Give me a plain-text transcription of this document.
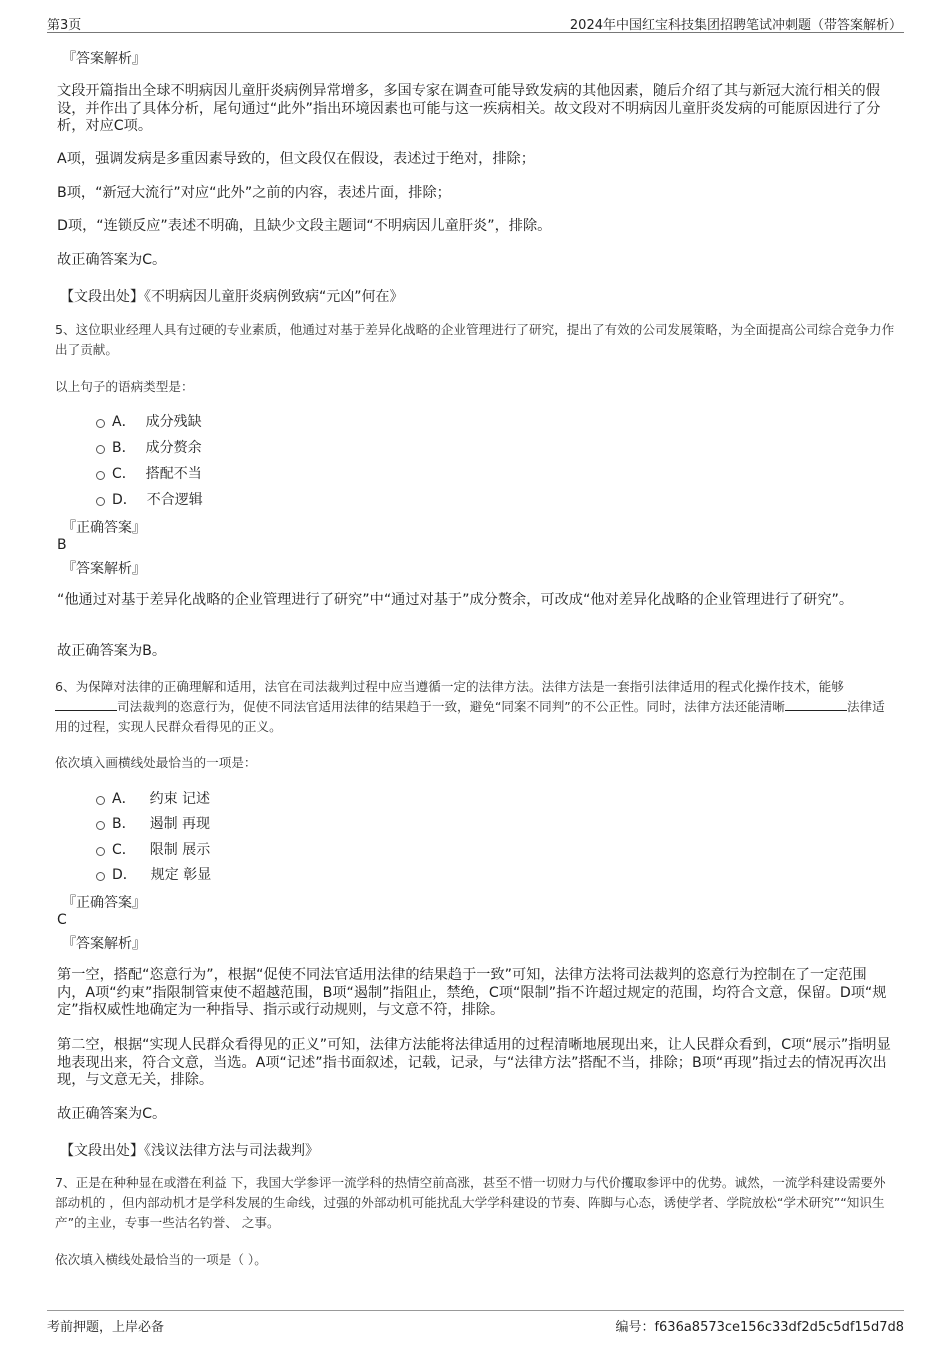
第3页	2024年中国红宝科技集团招聘笔试冲刺题（带答案解析）
『答案解析』
文段开篇指出全球不明病因儿童肝炎病例异常增多，多国专家在调查可能导致发病的其他因素，随后介绍了其与新冠大流行相关的假设，并作出了具体分析，尾句通过“此外”指出环境因素也可能与这一疾病相关。故文段对不明病因儿童肝炎发病的可能原因进行了分析，对应C项。
A项，强调发病是多重因素导致的，但文段仅在假设，表述过于绝对，排除；
B项，“新冠大流行”对应“此外”之前的内容，表述片面，排除；
D项，“连锁反应”表述不明确，且缺少文段主题词“不明病因儿童肝炎”，排除。
故正确答案为C。
【文段出处】《不明病因儿童肝炎病例致病“元凶”何在》
5、这位职业经理人具有过硬的专业素质，他通过对基于差异化战略的企业管理进行了研究，提出了有效的公司发展策略，为全面提高公司综合竞争力作出了贡献。
以上句子的语病类型是：
A． 成分残缺
B． 成分赘余
C． 搭配不当
D． 不合逻辑
『正确答案』
B
『答案解析』
“他通过对基于差异化战略的企业管理进行了研究”中“通过对基于”成分赘余，可改成“他对差异化战略的企业管理进行了研究”。
故正确答案为B。
6、为保障对法律的正确理解和适用，法官在司法裁判过程中应当遵循一定的法律方法。法律方法是一套指引法律适用的程式化操作技术，能够司法裁判的恣意行为，促使不同法官适用法律的结果趋于一致，避免“同案不同判”的不公正性。同时，法律方法还能清晰	法律适用的过程，实现人民群众看得见的正义。
依次填入画横线处最恰当的一项是：
A． 约束 记述
B． 遏制 再现
C． 限制 展示
D． 规定 彰显
『正确答案』
C
『答案解析』
第一空，搭配“恣意行为”，根据“促使不同法官适用法律的结果趋于一致”可知，法律方法将司法裁判的恣意行为控制在了一定范围内，A项“约束”指限制管束使不超越范围，B项“遏制”指阻止，禁绝，C项“限制”指不许超过规定的范围，均符合文意，保留。D项“规定”指权威性地确定为一种指导、指示或行动规则，与文意不符，排除。
第二空，根据“实现人民群众看得见的正义”可知，法律方法能将法律适用的过程清晰地展现出来，让人民群众看到，C项“展示”指明显地表现出来，符合文意，当选。A项“记述”指书面叙述，记载，记录，与“法律方法”搭配不当，排除；B项“再现”指过去的情况再次出现，与文意无关，排除。
故正确答案为C。
【文段出处】《浅议法律方法与司法裁判》
7、正是在种种显在或潜在利益 下，我国大学参评一流学科的热情空前高涨，甚至不惜一切财力与代价攫取参评中的优势。诚然，一流学科建设需要外部动机的 ，但内部动机才是学科发展的生命线，过强的外部动机可能扰乱大学学科建设的节奏、阵脚与心态，诱使学者、学院放松“学术研究”“知识生产”的主业，专事一些沽名钓誉、 之事。
依次填入横线处最恰当的一项是（ ）。
考前押题，上岸必备	编号：f636a8573ce156c33df2d5c5df15d7d8
